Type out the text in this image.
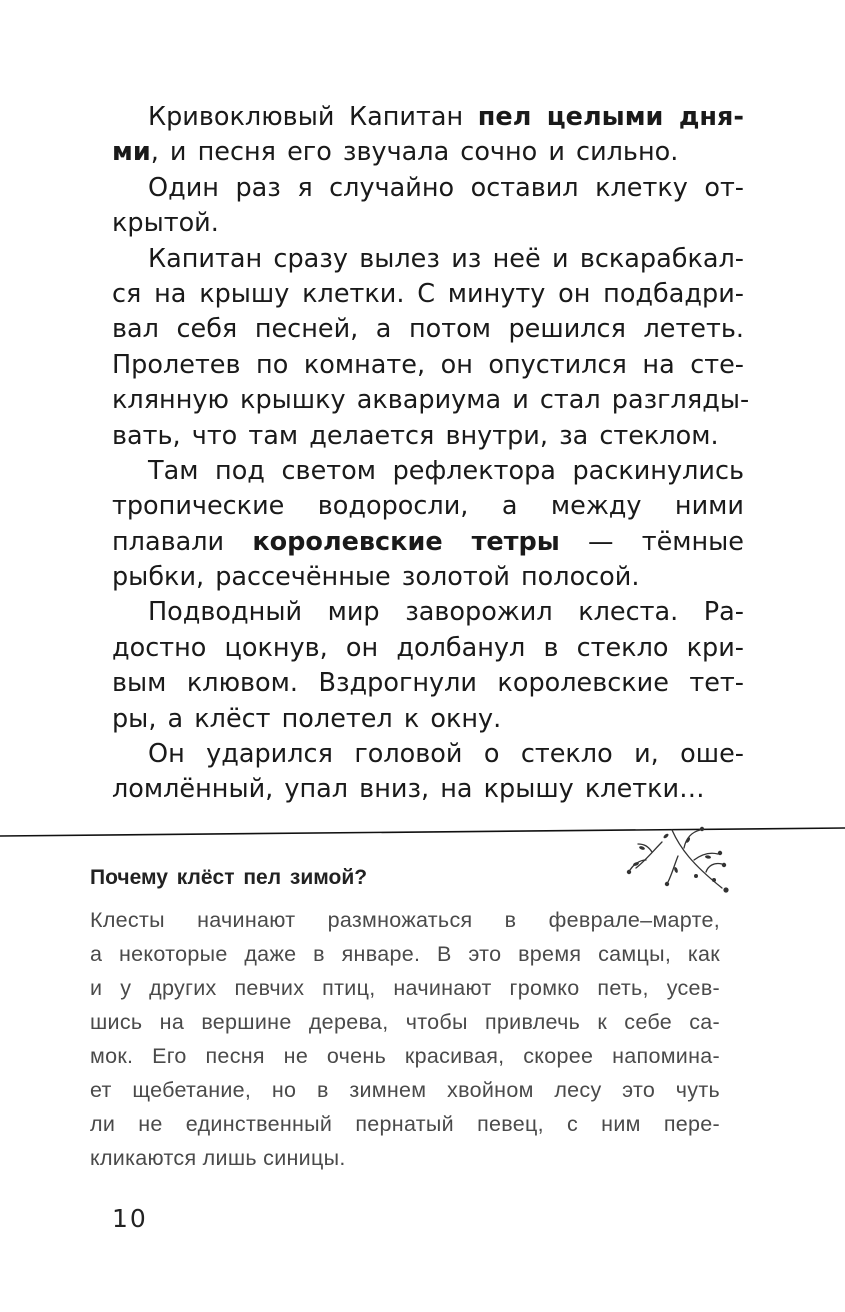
Кривоклювый Капитан пел целыми дня-
ми, и песня его звучала сочно и сильно.
Один раз я случайно оставил клетку от-
крытой.
Капитан сразу вылез из неё и вскарабкал-
ся на крышу клетки. С минуту он подбадри-
вал себя песней, а потом решился лететь.
Пролетев по комнате, он опустился на сте-
клянную крышку аквариума и стал разгляды-
вать, что там делается внутри, за стеклом.
Там под светом рефлектора раскинулись
тропические водоросли, а между ними
плавали королевские тетры — тёмные
рыбки, рассечённые золотой полосой.
Подводный мир заворожил клеста. Ра-
достно цокнув, он долбанул в стекло кри-
вым клювом. Вздрогнули королевские тет-
ры, а клёст полетел к окну.
Он ударился головой о стекло и, оше-
ломлённый, упал вниз, на крышу клетки…
Почему клёст пел зимой?
Клесты начинают размножаться в феврале–марте,
а некоторые даже в январе. В это время самцы, как
и у других певчих птиц, начинают громко петь, усев-
шись на вершине дерева, чтобы привлечь к себе са-
мок. Его песня не очень красивая, скорее напомина-
ет щебетание, но в зимнем хвойном лесу это чуть
ли не единственный пернатый певец, с ним пере-
кликаются лишь синицы.
10
